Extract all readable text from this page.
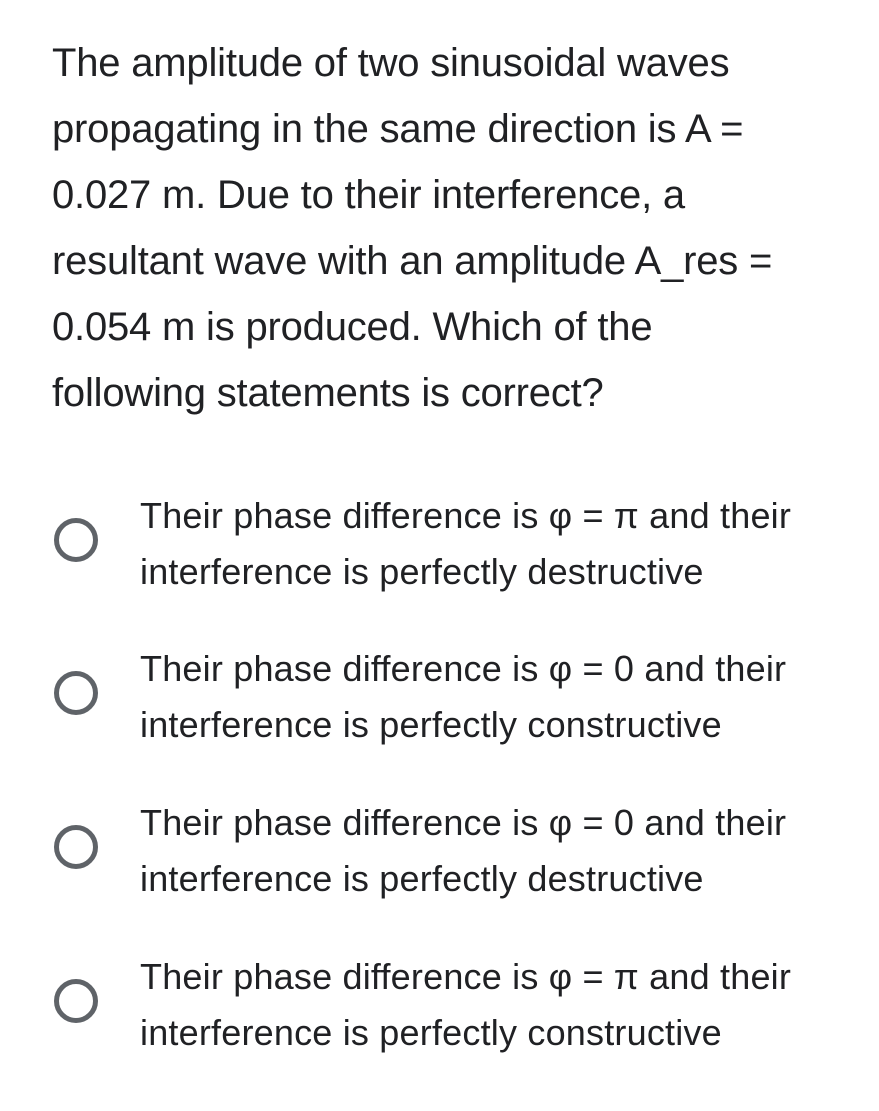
The amplitude of two sinusoidal waves
propagating in the same direction is A =
0.027 m. Due to their interference, a
resultant wave with an amplitude A_res =
0.054 m is produced. Which of the
following statements is correct?
Their phase difference is φ = π and their
interference is perfectly destructive
Their phase difference is φ = 0 and their
interference is perfectly constructive
Their phase difference is φ = 0 and their
interference is perfectly destructive
Their phase difference is φ = π and their
interference is perfectly constructive
